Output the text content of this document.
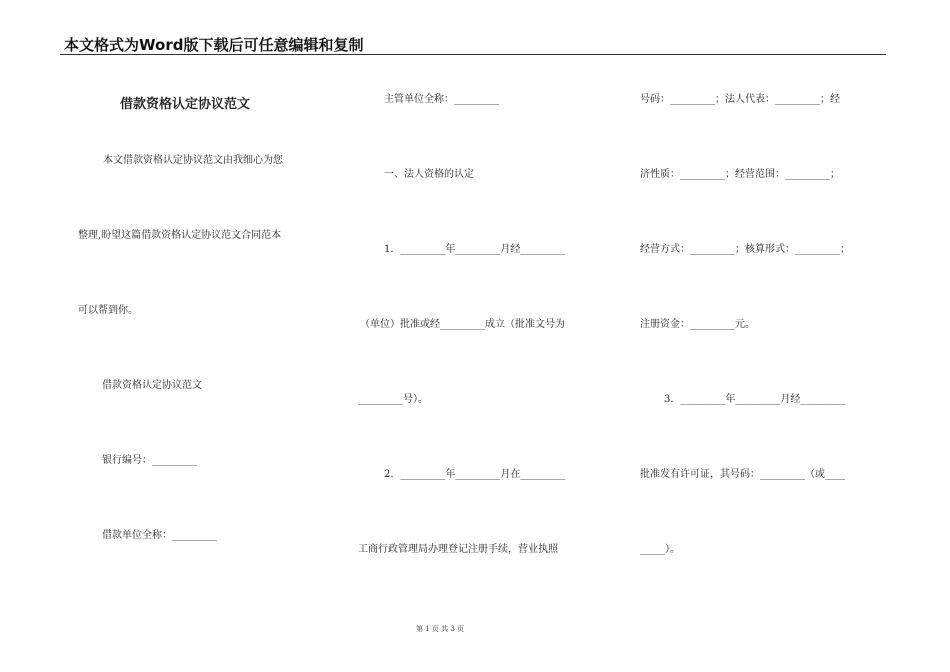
本文格式为Word版下载后可任意编辑和复制
借款资格认定协议范文
本文借款资格认定协议范文由我细心为您
整理,盼望这篇借款资格认定协议范文合同范本
可以帮到你。
借款资格认定协议范文
银行编号：_________
借款单位全称：_________
主管单位全称：_________
一、法人资格的认定
1．_________年_________月经_________
（单位）批准或经_________成立（批准文号为
_________号）。
2．_________年_________月在_________
工商行政管理局办理登记注册手续，营业执照
号码：_________；法人代表：_________；经
济性质：_________；经营范围：_________；
经营方式：_________；核算形式：_________；
注册资金：_________元。
3．_________年_________月经_________
批准发有许可证，其号码：_________（或____
_____）。
第 1 页 共 3 页
